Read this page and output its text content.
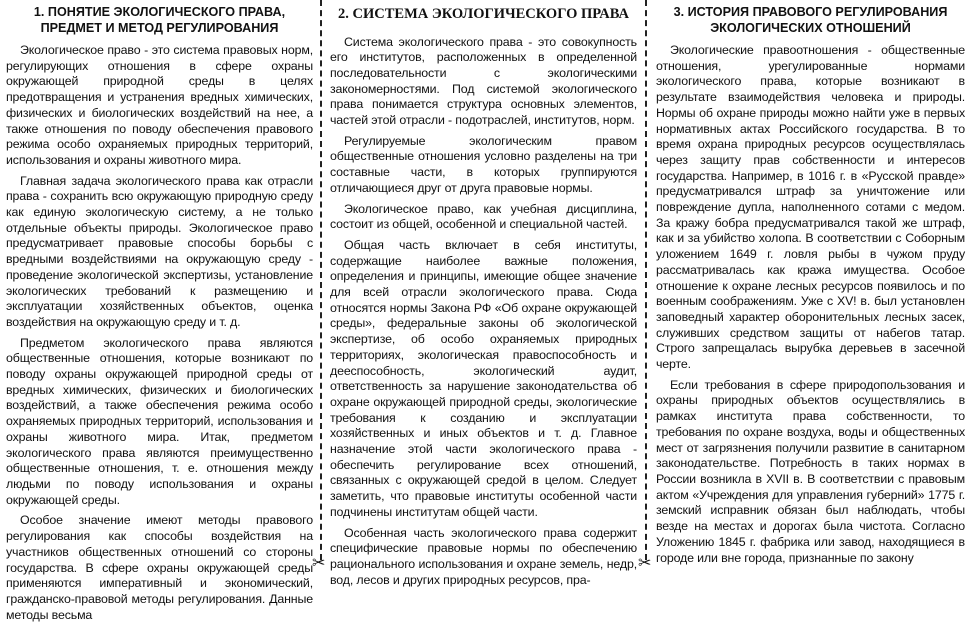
1. ПОНЯТИЕ ЭКОЛОГИЧЕСКОГО ПРАВА, ПРЕДМЕТ И МЕТОД РЕГУЛИРОВАНИЯ

Экологическое право - это система правовых норм, регулирующих отношения в сфере охраны окружающей природной среды в целях предотвращения и устранения вредных химических, физических и биологических воздействий на нее, а также отношения по поводу обеспечения правового режима особо охраняемых природных территорий, использования и охраны животного мира.

Главная задача экологического права как отрасли права - сохранить всю окружающую природную среду как единую экологическую систему, а не только отдельные объекты природы. Экологическое право предусматривает правовые способы борьбы с вредными воздействиями на окружающую среду - проведение экологической экспертизы, установление экологических требований к размещению и эксплуатации хозяйственных объектов, оценка воздействия на окружающую среду и т. д.

Предметом экологического права являются общественные отношения, которые возникают по поводу охраны окружающей природной среды от вредных химических, физических и биологических воздействий, а также обеспечения режима особо охраняемых природных территорий, использования и охраны животного мира. Итак, предметом экологического права являются преимущественно общественные отношения, т. е. отношения между людьми по поводу использования и охраны окружающей среды.

Особое значение имеют методы правового регулирования как способы воздействия на участников общественных отношений со стороны государства. В сфере охраны окружающей среды применяются императивный и экономический, гражданско-правовой методы регулирования. Данные методы весьма

✂
2. СИСТЕМА ЭКОЛОГИЧЕСКОГО ПРАВА

Система экологического права - это совокупность его институтов, расположенных в определенной последовательности с экологическими закономерностями. Под системой экологического права понимается структура основных элементов, частей этой отрасли - подотраслей, институтов, норм.

Регулируемые экологическим правом общественные отношения условно разделены на три составные части, в которых группируются отличающиеся друг от друга правовые нормы.

Экологическое право, как учебная дисциплина, состоит из общей, особенной и специальной частей.

Общая часть включает в себя институты, содержащие наиболее важные положения, определения и принципы, имеющие общее значение для всей отрасли экологического права. Сюда относятся нормы Закона РФ «Об охране окружающей среды», федеральные законы об экологической экспертизе, об особо охраняемых природных территориях, экологическая правоспособность и дееспособность, экологический аудит, ответственность за нарушение законодательства об охране окружающей природной среды, экологические требования к созданию и эксплуатации хозяйственных и иных объектов и т. д. Главное назначение этой части экологического права - обеспечить регулирование всех отношений, связанных с окружающей средой в целом. Следует заметить, что правовые институты особенной части подчинены институтам общей части.

Особенная часть экологического права содержит специфические правовые нормы по обеспечению рационального использования и охране земель, недр, вод, лесов и других природных ресурсов, пра-

✂
3. ИСТОРИЯ ПРАВОВОГО РЕГУЛИРОВАНИЯ ЭКОЛОГИЧЕСКИХ ОТНОШЕНИЙ

Экологические правоотношения - общественные отношения, урегулированные нормами экологического права, которые возникают в результате взаимодействия человека и природы. Нормы об охране природы можно найти уже в первых нормативных актах Российского государства. В то время охрана природных ресурсов осуществлялась через защиту прав собственности и интересов государства. Например, в 1016 г. в «Русской правде» предусматривался штраф за уничтожение или повреждение дупла, наполненного сотами с медом. За кражу бобра предусматривался такой же штраф, как и за убийство холопа. В соответствии с Соборным уложением 1649 г. ловля рыбы в чужом пруду рассматривалась как кража имущества. Особое отношение к охране лесных ресурсов появилось и по военным соображениям. Уже с XV! в. был установлен заповедный характер оборонительных лесных засек, служивших средством защиты от набегов татар. Строго запрещалась вырубка деревьев в засечной черте.

Если требования в сфере природопользования и охраны природных объектов осуществлялись в рамках института права собственности, то требования по охране воздуха, воды и общественных мест от загрязнения получили развитие в санитарном законодательстве. Потребность в таких нормах в России возникла в XVII в. В соответствии с правовым актом «Учреждения для управления губерний» 1775 г. земский исправник обязан был наблюдать, чтобы везде на местах и дорогах была чистота. Согласно Уложению 1845 г. фабрика или завод, находящиеся в городе или вне города, признанные по закону
